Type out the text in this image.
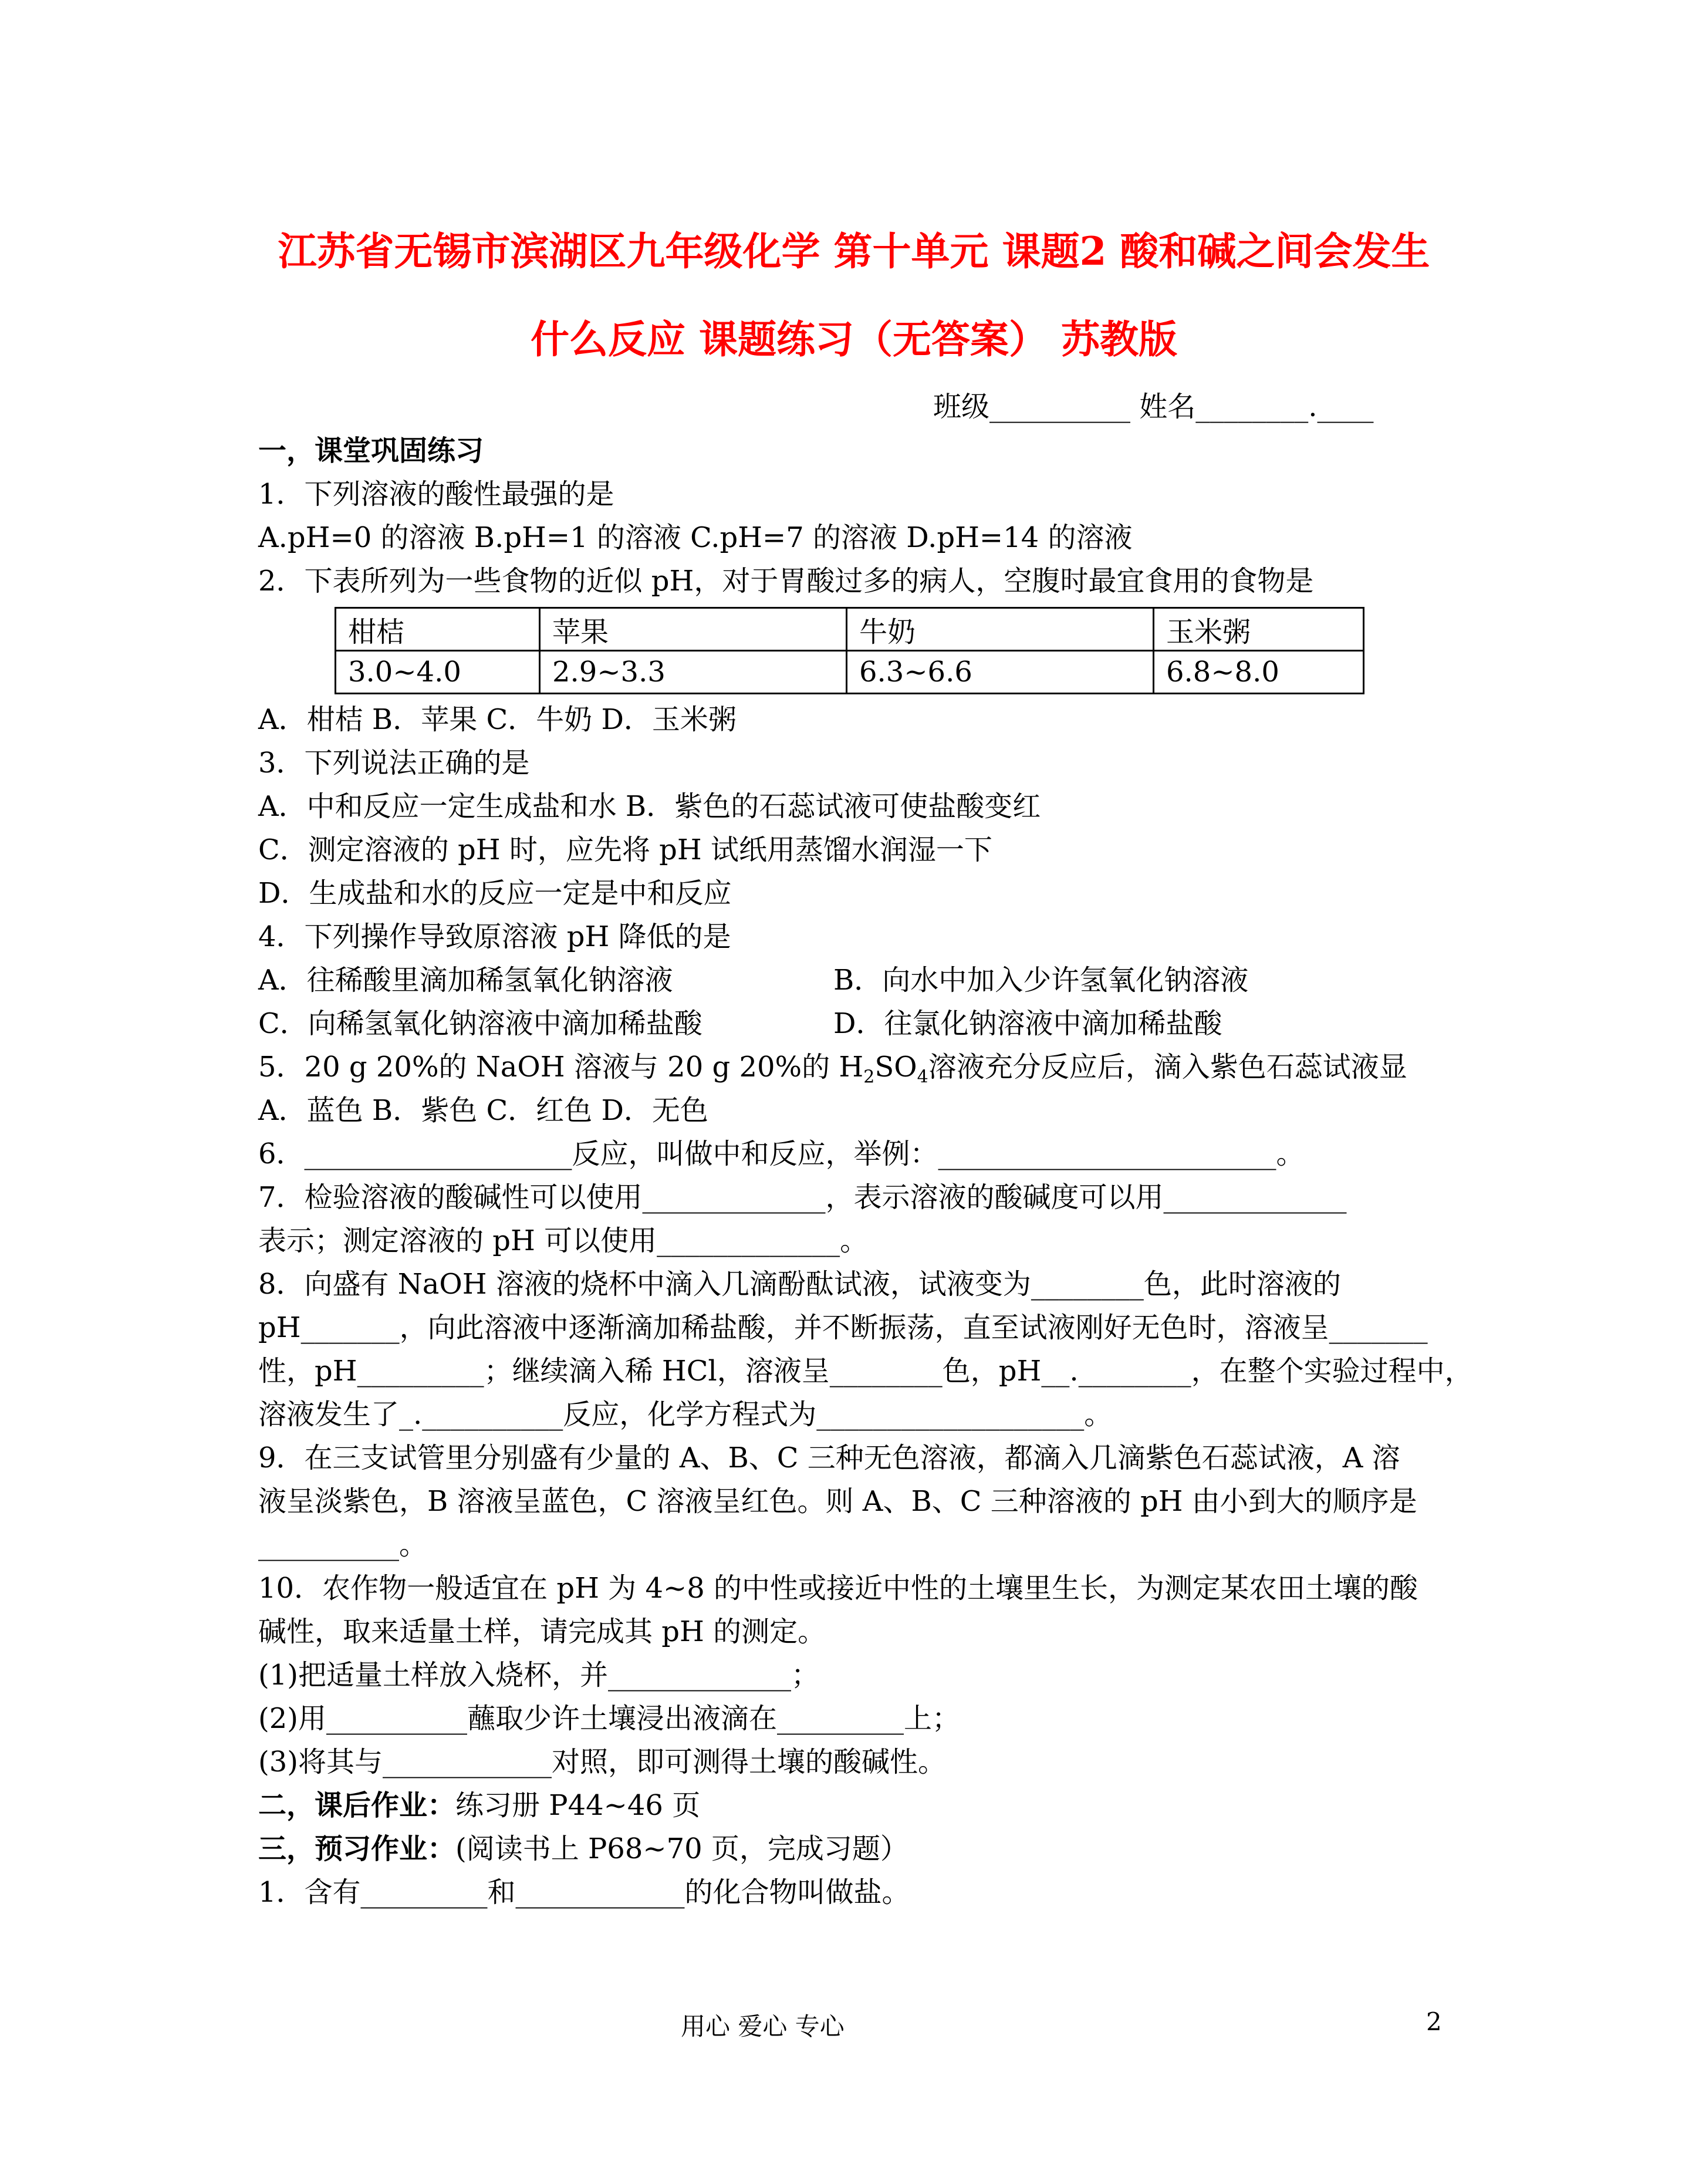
江苏省无锡市滨湖区九年级化学 第十单元 课题2 酸和碱之间会发生
什么反应 课题练习（无答案） 苏教版
班级__________ 姓名________.____
一，课堂巩固练习
1．下列溶液的酸性最强的是
A.pH=0 的溶液 B.pH=1 的溶液 C.pH=7 的溶液 D.pH=14 的溶液
2．下表所列为一些食物的近似 pH，对于胃酸过多的病人，空腹时最宜食用的食物是
柑桔	苹果	牛奶	玉米粥
3.0~4.0	2.9~3.3	6.3~6.6	6.8~8.0
A．柑桔 B．苹果 C．牛奶 D．玉米粥
3．下列说法正确的是
A．中和反应一定生成盐和水 B．紫色的石蕊试液可使盐酸变红
C．测定溶液的 pH 时，应先将 pH 试纸用蒸馏水润湿一下
D．生成盐和水的反应一定是中和反应
4．下列操作导致原溶液 pH 降低的是
A．往稀酸里滴加稀氢氧化钠溶液	B．向水中加入少许氢氧化钠溶液
C．向稀氢氧化钠溶液中滴加稀盐酸	D．往氯化钠溶液中滴加稀盐酸
5．20 g 20%的 NaOH 溶液与 20 g 20%的 $H_2SO_4$溶液充分反应后，滴入紫色石蕊试液显
A．蓝色 B．紫色 C．红色 D．无色
6．___________________反应，叫做中和反应，举例：________________________。
7．检验溶液的酸碱性可以使用_____________，表示溶液的酸碱度可以用_____________
表示；测定溶液的 pH 可以使用_____________。
8．向盛有 NaOH 溶液的烧杯中滴入几滴酚酞试液，试液变为________色，此时溶液的
pH_______，向此溶液中逐渐滴加稀盐酸，并不断振荡，直至试液刚好无色时，溶液呈_______
性，pH_________；继续滴入稀 HCl，溶液呈________色，pH__.________，在整个实验过程中，
溶液发生了_.__________反应，化学方程式为___________________。
9．在三支试管里分别盛有少量的 A、B、C 三种无色溶液，都滴入几滴紫色石蕊试液，A 溶
液呈淡紫色，B 溶液呈蓝色，C 溶液呈红色。则 A、B、C 三种溶液的 pH 由小到大的顺序是
__________。
10．农作物一般适宜在 pH 为 4~8 的中性或接近中性的土壤里生长，为测定某农田土壤的酸
碱性，取来适量土样，请完成其 pH 的测定。
(1)把适量土样放入烧杯，并_____________；
(2)用__________蘸取少许土壤浸出液滴在_________上；
(3)将其与____________对照，即可测得土壤的酸碱性。
二，课后作业：练习册 P44~46 页
三，预习作业：(阅读书上 P68~70 页，完成习题）
1．含有_________和____________的化合物叫做盐。
用心 爱心 专心	2
